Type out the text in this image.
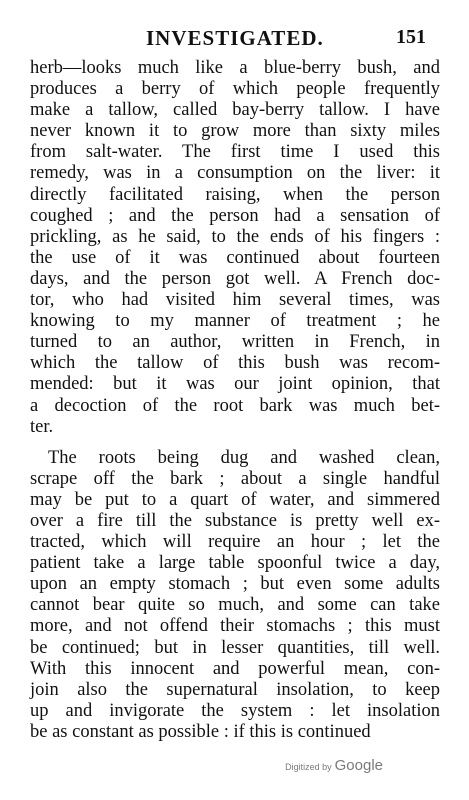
INVESTIGATED.	151
herb—looks much like a blue-berry bush, and
produces a berry of which people frequently
make a tallow, called bay-berry tallow. I have
never known it to grow more than sixty miles
from salt-water. The first time I used this
remedy, was in a consumption on the liver: it
directly facilitated raising, when the person
coughed ; and the person had a sensation of
prickling, as he said, to the ends of his fingers :
the use of it was continued about fourteen
days, and the person got well. A French doc-
tor, who had visited him several times, was
knowing to my manner of treatment ; he
turned to an author, written in French, in
which the tallow of this bush was recom-
mended: but it was our joint opinion, that
a decoction of the root bark was much bet-
ter.
The roots being dug and washed clean,
scrape off the bark ; about a single handful
may be put to a quart of water, and simmered
over a fire till the substance is pretty well ex-
tracted, which will require an hour ; let the
patient take a large table spoonful twice a day,
upon an empty stomach ; but even some adults
cannot bear quite so much, and some can take
more, and not offend their stomachs ; this must
be continued; but in lesser quantities, till well.
With this innocent and powerful mean, con-
join also the supernatural insolation, to keep
up and invigorate the system : let insolation
be as constant as possible : if this is continued
Digitized by Google
